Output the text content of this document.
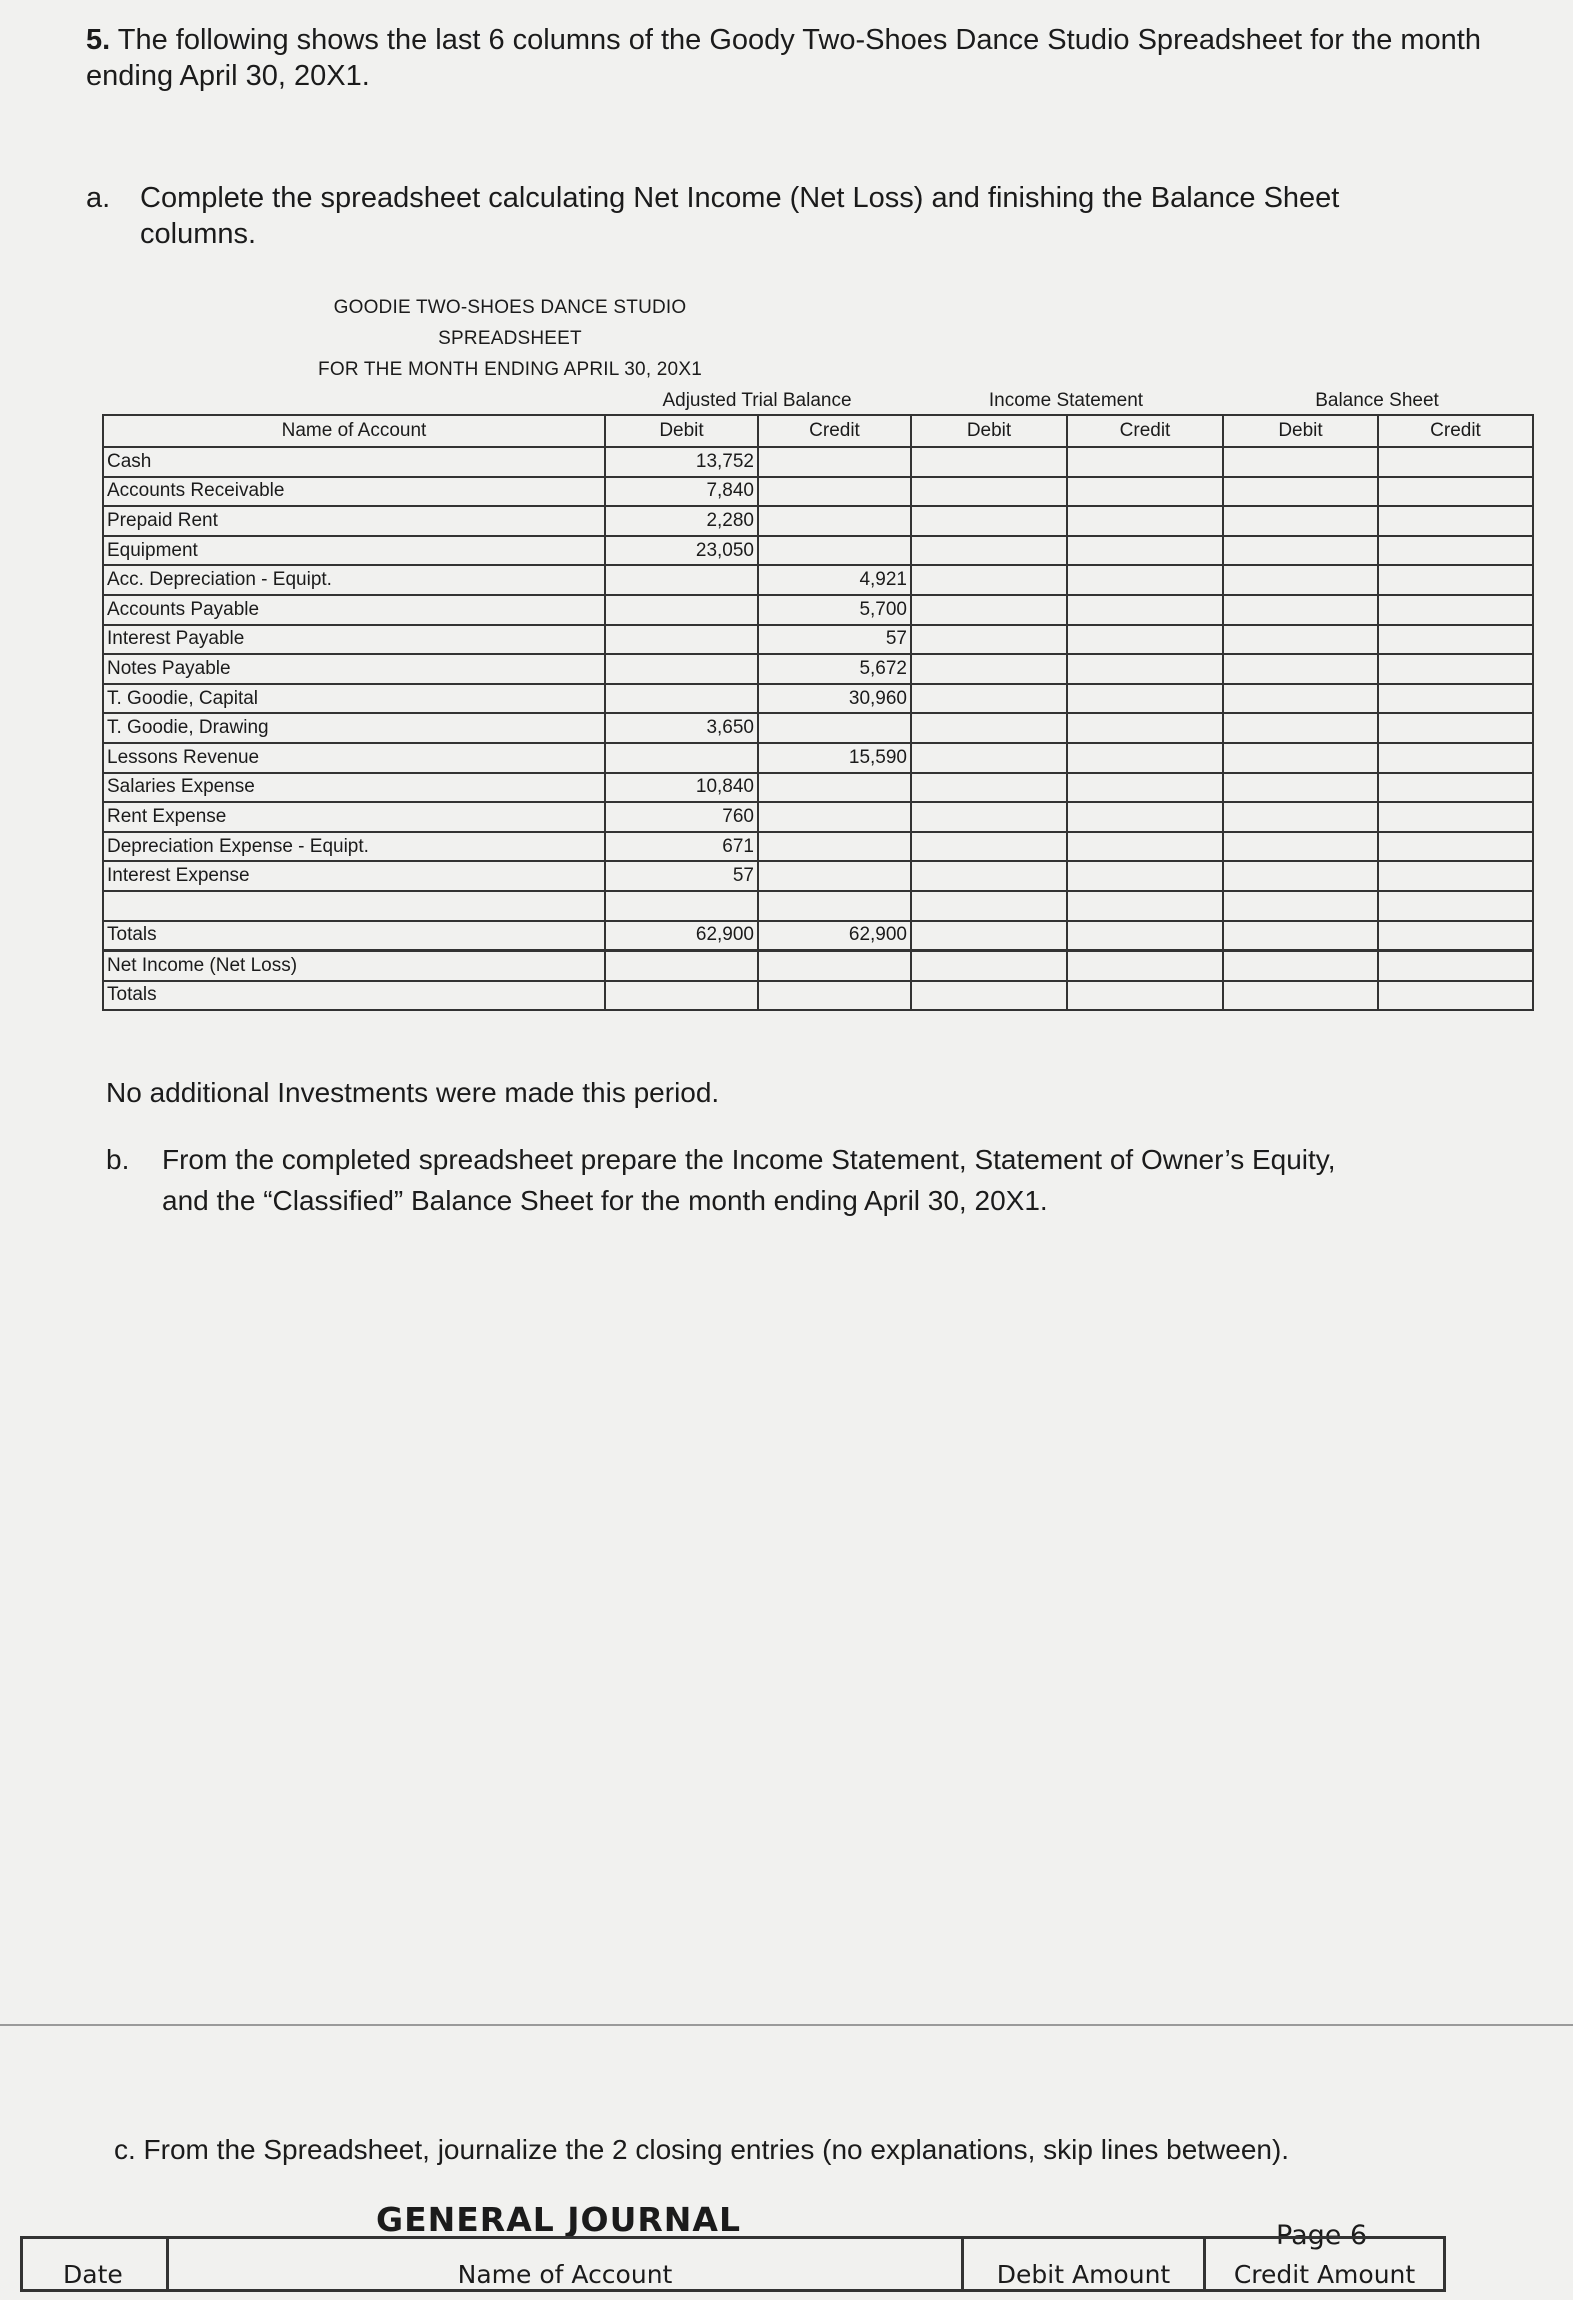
5. The following shows the last 6 columns of the Goody Two-Shoes Dance Studio Spreadsheet for the month ending April 30, 20X1.
a. Complete the spreadsheet calculating Net Income (Net Loss) and finishing the Balance Sheet
columns.
GOODIE TWO-SHOES DANCE STUDIO
SPREADSHEET
FOR THE MONTH ENDING APRIL 30, 20X1
Adjusted Trial Balance	Income Statement	Balance Sheet
Name of Account	Debit	Credit	Debit	Credit	Debit	Credit
Cash	13,752					
Accounts Receivable	7,840					
Prepaid Rent	2,280					
Equipment	23,050					
Acc. Depreciation - Equipt.		4,921				
Accounts Payable		5,700				
Interest Payable		57				
Notes Payable		5,672				
T. Goodie, Capital		30,960				
T. Goodie, Drawing	3,650					
Lessons Revenue		15,590				
Salaries Expense	10,840					
Rent Expense	760					
Depreciation Expense - Equipt.	671					
Interest Expense	57					

Totals	62,900	62,900				
Net Income (Net Loss)						
Totals						
No additional Investments were made this period.
b. From the completed spreadsheet prepare the Income Statement, Statement of Owner’s Equity,
and the “Classified” Balance Sheet for the month ending April 30, 20X1.
c. From the Spreadsheet, journalize the 2 closing entries (no explanations, skip lines between).
GENERAL JOURNAL	Page 6
Date	Name of Account	Debit Amount	Credit Amount
